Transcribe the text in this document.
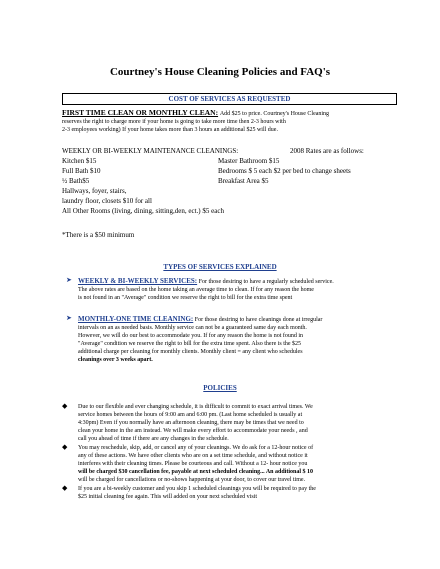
Courtney's House Cleaning Policies and FAQ's
COST OF SERVICES AS REQUESTED
FIRST TIME CLEAN OR MONTHLY CLEAN: Add $25 to price. Courtney's House Cleaning
reserves the right to charge more if your home is going to take more time then 2-3 hours with
2-3 employees working) If your home takes more than 3 hours an additional $25 will due.
WEEKLY OR BI-WEEKLY MAINTENANCE CLEANINGS:	2008 Rates are as follows:
Kitchen $15
Full Bath $10
½ Bath$5
Hallways, foyer, stairs,
laundry floor, closets $10 for all
All Other Rooms (living, dining, sitting,den, ect.) $5 each
Master Bathroom $15
Bedrooms $ 5 each $2 per bed to change sheets
Breakfast Area $5
*There is a $50 minimum
TYPES OF SERVICES EXPLAINED
➤ WEEKLY & BI-WEEKLY SERVICES: For those desiring to have a regularly scheduled service.
The above rates are based on the home taking an average time to clean. If for any reason the home
is not found in an "Average" condition we reserve the right to bill for the extra time spent
➤ MONTHLY-ONE TIME CLEANING: For those desiring to have cleanings done at irregular
intervals on an as needed basis. Monthly service can not be a guaranteed same day each month.
However, we will do our best to accommodate you. If for any reason the home is not found in
"Average" condition we reserve the right to bill for the extra time spent. Also there is the $25
additional charge per cleaning for monthly clients. Monthly client = any client who schedules
cleanings over 3 weeks apart.
POLICIES
◆ Due to our flexible and ever changing schedule, it is difficult to commit to exact arrival times. We
service homes between the hours of 9:00 am and 6:00 pm. (Last home scheduled is usually at
4:30pm) Even if you normally have an afternoon cleaning, there may be times that we need to
clean your home in the am instead. We will make every effort to accommodate your needs , and
call you ahead of time if there are any changes in the schedule.
◆ You may reschedule, skip, add, or cancel any of your cleanings. We do ask for a 12-hour notice of
any of these actions. We have other clients who are on a set time schedule, and without notice it
interferes with their cleaning times. Please be courteous and call. Without a 12- hour notice you
will be charged $30 cancellation fee, payable at next scheduled cleaning... An additional $ 10
will be charged for cancellations or no-shows happening at your door, to cover our travel time.
◆ If you are a bi-weekly customer and you skip 1 scheduled cleanings you will be required to pay the
$25 initial cleaning fee again. This will added on your next scheduled visit
